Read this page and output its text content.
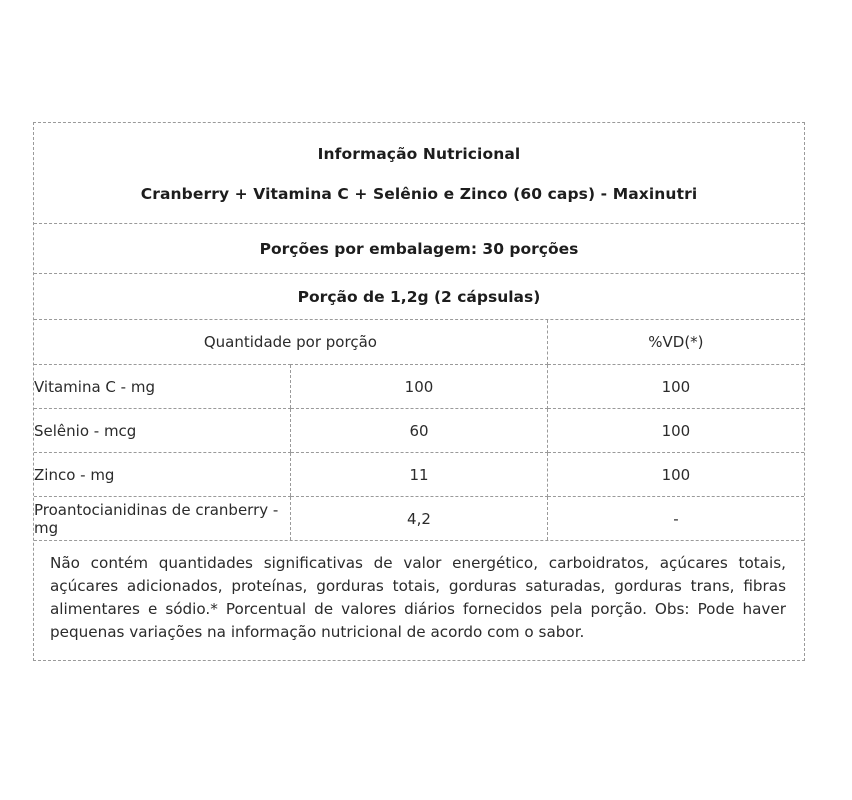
Informação Nutricional
Cranberry + Vitamina C + Selênio e Zinco (60 caps) - Maxinutri
Porções por embalagem: 30 porções
Porção de 1,2g (2 cápsulas)
Quantidade por porção		%VD(*)
Vitamina C - mg	100	100
Selênio - mcg	60	100
Zinco - mg	11	100
Proantocianidinas de cranberry - mg	4,2	-
Não contém quantidades significativas de valor energético, carboidratos, açúcares totais, açúcares adicionados, proteínas, gorduras totais, gorduras saturadas, gorduras trans, fibras alimentares e sódio.* Porcentual de valores diários fornecidos pela porção. Obs: Pode haver pequenas variações na informação nutricional de acordo com o sabor.
